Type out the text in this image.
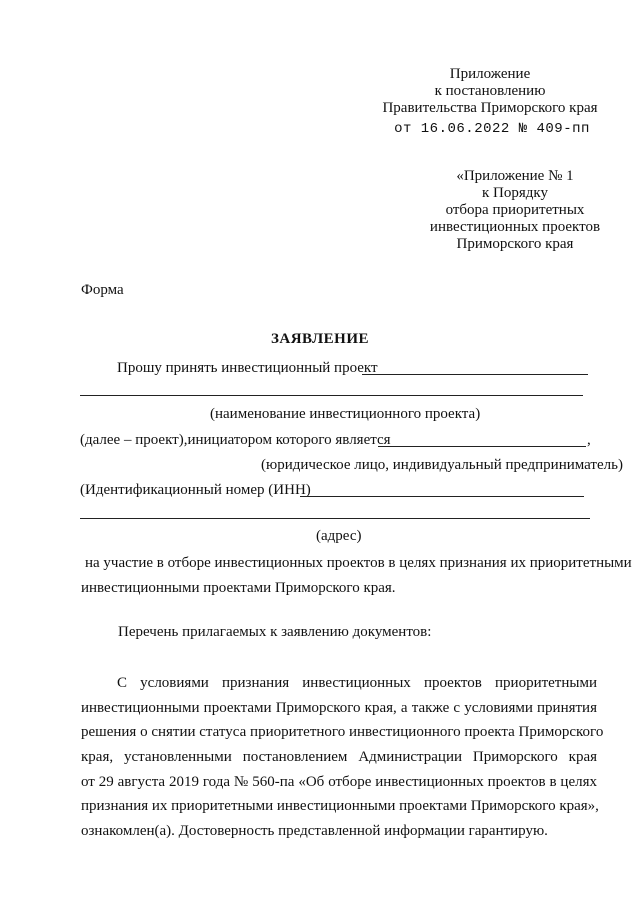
Приложение
к постановлению
Правительства Приморского края
от 16.06.2022 № 409-пп
«Приложение № 1
к Порядку
отбора приоритетных
инвестиционных проектов
Приморского края
Форма
ЗАЯВЛЕНИЕ
Прошу принять инвестиционный проект
(наименование инвестиционного проекта)
(далее – проект),инициатором которого является	,
(юридическое лицо, индивидуальный предприниматель)
(Идентификационный номер (ИНН)
(адрес)
на участие в отборе инвестиционных проектов в целях признания их приоритетными
инвестиционными проектами Приморского края.
Перечень прилагаемых к заявлению документов:
С условиями признания инвестиционных проектов приоритетными
инвестиционными проектами Приморского края, а также с условиями принятия
решения о снятии статуса приоритетного инвестиционного проекта Приморского
края, установленными постановлением Администрации Приморского края
от 29 августа 2019 года № 560-па «Об отборе инвестиционных проектов в целях
признания их приоритетными инвестиционными проектами Приморского края»,
ознакомлен(а). Достоверность представленной информации гарантирую.
